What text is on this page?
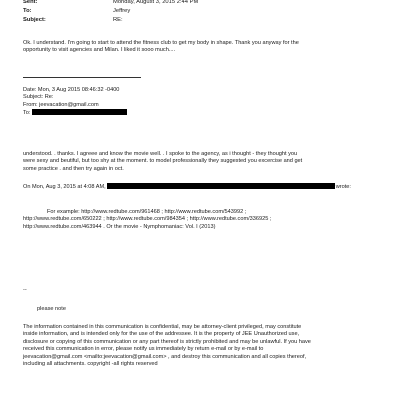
Sent:	Monday, August 3, 2015 2:44 PM
To:	Jeffrey
Subject:	RE:
Ok. I understand. I'm going to start to attend the fitness club to get my body in shape. Thank you anyway for the
opportunity to visit agencies and Milan. I liked it sooo much....
Date: Mon, 3 Aug 2015 08:46:32 -0400
Subject: Re:
From: jeevacation@gmail.com
To:
understood. . thanks. I agreee and know the movie well. . I spoke to the agency, as i thought - they thought you
were sexy and beutiful, but too shy at the moment. to model professionally they suggested you excercise and get
some practice . and then try again in oct.
On Mon, Aug 3, 2015 at 4:08 AM,	wrote:
For example: http://www.redtube.com/961468 ; http://www.redtube.com/543992 ;
http://www.redtube.com/650222 ; http://www.redtube.com/984354 ; http://www.redtube.com/336925 ;
http://www.redtube.com/463944 . Or the movie - Nymphomaniac: Vol. I (2013)
--
please note
The information contained in this communication is confidential, may be attorney-client privileged, may constitute
inside information, and is intended only for the use of the addressee. It is the property of JEE Unauthorized use,
disclosure or copying of this communication or any part thereof is strictly prohibited and may be unlawful. If you have
received this communication in error, please notify us immediately by return e-mail or by e-mail to
jeevacation@gmail.com <mailto:jeevacation@gmail.com> , and destroy this communication and all copies thereof,
including all attachments. copyright -all rights reserved
